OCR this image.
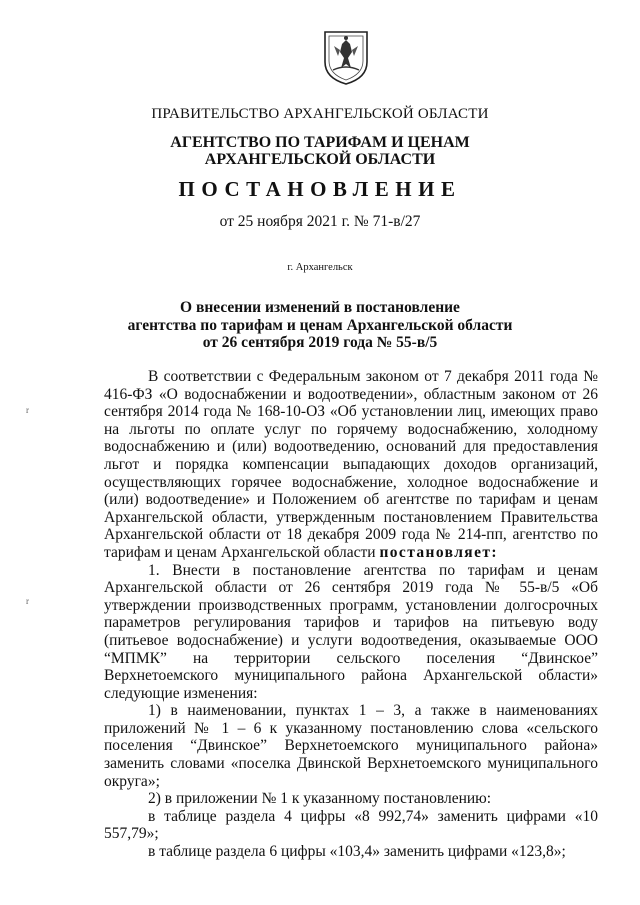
ПРАВИТЕЛЬСТВО АРХАНГЕЛЬСКОЙ ОБЛАСТИ
АГЕНТСТВО ПО ТАРИФАМ И ЦЕНАМ
АРХАНГЕЛЬСКОЙ ОБЛАСТИ
ПОСТАНОВЛЕНИЕ
от 25 ноября 2021 г. № 71-в/27
г. Архангельск
О внесении изменений в постановление
агентства по тарифам и ценам Архангельской области
от 26 сентября 2019 года № 55-в/5

В соответствии с Федеральным законом от 7 декабря 2011 года № 416-ФЗ «О водоснабжении и водоотведении», областным законом от 26 сентября 2014 года № 168-10-ОЗ «Об установлении лиц, имеющих право на льготы по оплате услуг по горячему водоснабжению, холодному водоснабжению и (или) водоотведению, оснований для предоставления льгот и порядка компенсации выпадающих доходов организаций, осуществляющих горячее водоснабжение, холодное водоснабжение и (или) водоотведение» и Положением об агентстве по тарифам и ценам Архангельской области, утвержденным постановлением Правительства Архангельской области от 18 декабря 2009 года № 214-пп, агентство по тарифам и ценам Архангельской области постановляет:

1. Внести в постановление агентства по тарифам и ценам Архангельской области от 26 сентября 2019 года № 55-в/5 «Об утверждении производственных программ, установлении долгосрочных параметров регулирования тарифов и тарифов на питьевую воду (питьевое водоснабжение) и услуги водоотведения, оказываемые ООО “МПМК” на территории сельского поселения “Двинское” Верхнетоемского муниципального района Архангельской области» следующие изменения:

1) в наименовании, пунктах 1 – 3, а также в наименованиях приложений № 1 – 6 к указанному постановлению слова «сельского поселения “Двинское” Верхнетоемского муниципального района» заменить словами «поселка Двинской Верхнетоемского муниципального округа»;

2) в приложении № 1 к указанному постановлению:

в таблице раздела 4 цифры «8 992,74» заменить цифрами «10 557,79»;

в таблице раздела 6 цифры «103,4» заменить цифрами «123,8»;

r
r
